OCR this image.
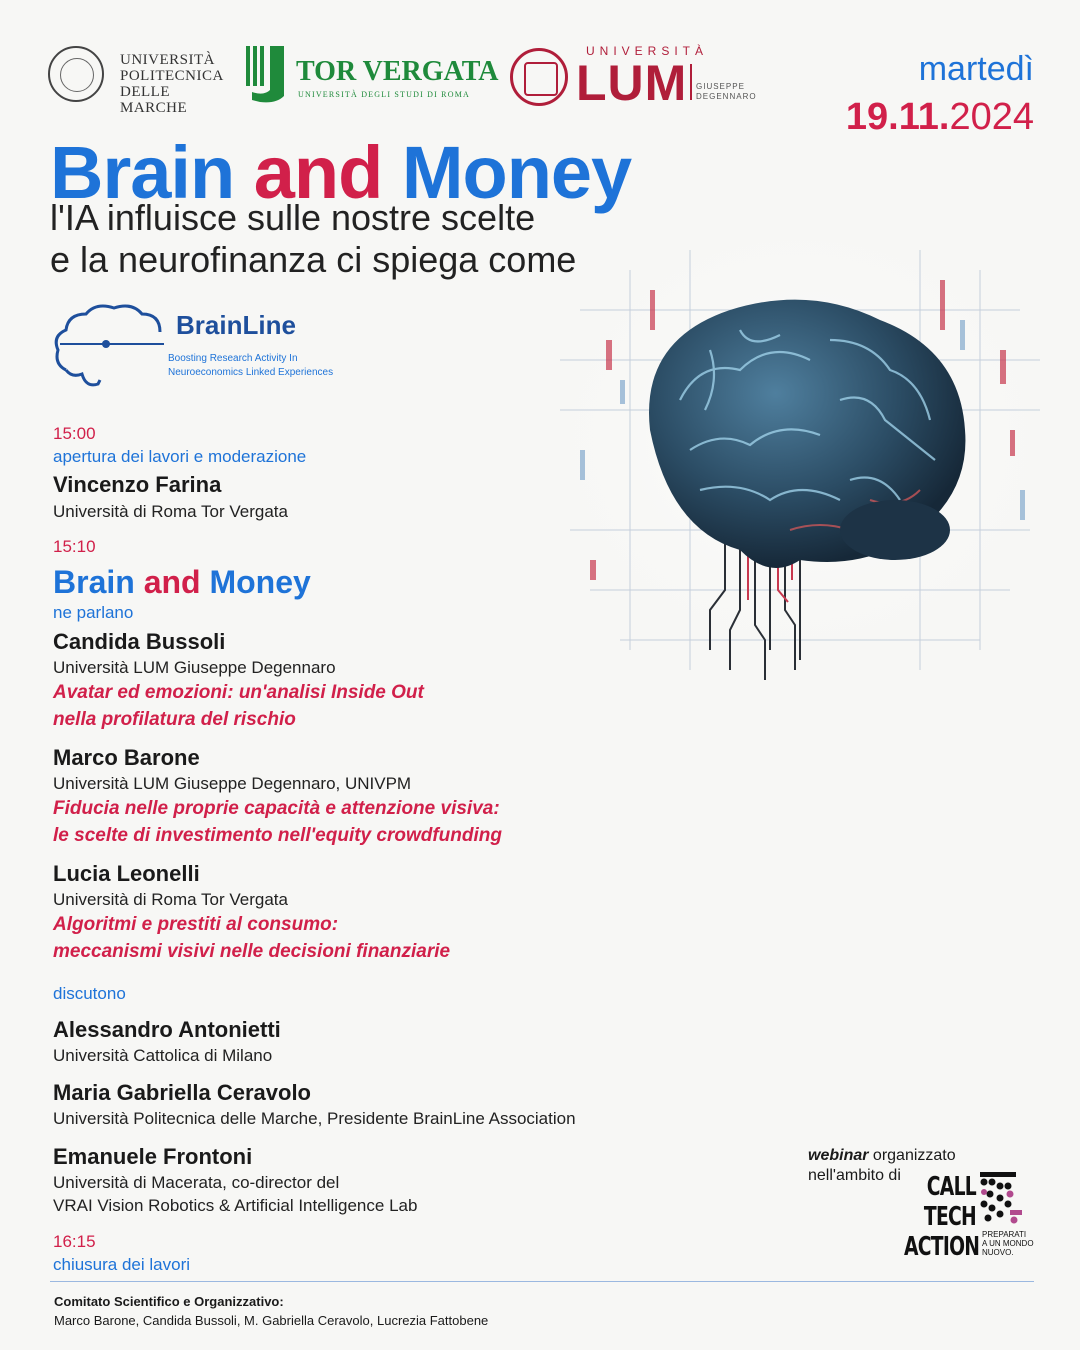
UNIVERSITÀ
POLITECNICA
DELLE MARCHE
TOR VERGATA
UNIVERSITÀ DEGLI STUDI DI ROMA
UNIVERSITÀ
LUM GIUSEPPE
DEGENNARO
martedì
19.11.2024
Brain and Money
l'IA influisce sulle nostre scelte
e la neurofinanza ci spiega come
BrainLine
Boosting Research Activity In
Neuroeconomics Linked Experiences
15:00
apertura dei lavori e moderazione
Vincenzo Farina
Università di Roma Tor Vergata
15:10
Brain and Money
ne parlano
Candida Bussoli
Università LUM Giuseppe Degennaro
Avatar ed emozioni: un'analisi Inside Out
nella profilatura del rischio
Marco Barone
Università LUM Giuseppe Degennaro, UNIVPM
Fiducia nelle proprie capacità e attenzione visiva:
le scelte di investimento nell'equity crowdfunding
Lucia Leonelli
Università di Roma Tor Vergata
Algoritmi e prestiti al consumo:
meccanismi visivi nelle decisioni finanziarie
discutono
Alessandro Antonietti
Università Cattolica di Milano
Maria Gabriella Ceravolo
Università Politecnica delle Marche, Presidente BrainLine Association
Emanuele Frontoni
Università di Macerata, co-director del
VRAI Vision Robotics & Artificial Intelligence Lab
16:15
chiusura dei lavori
webinar organizzato
nell'ambito di CALL
TECH
ACTION PREPARATI
A UN MONDO
NUOVO.
Comitato Scientifico e Organizzativo:
Marco Barone, Candida Bussoli, M. Gabriella Ceravolo, Lucrezia Fattobene
